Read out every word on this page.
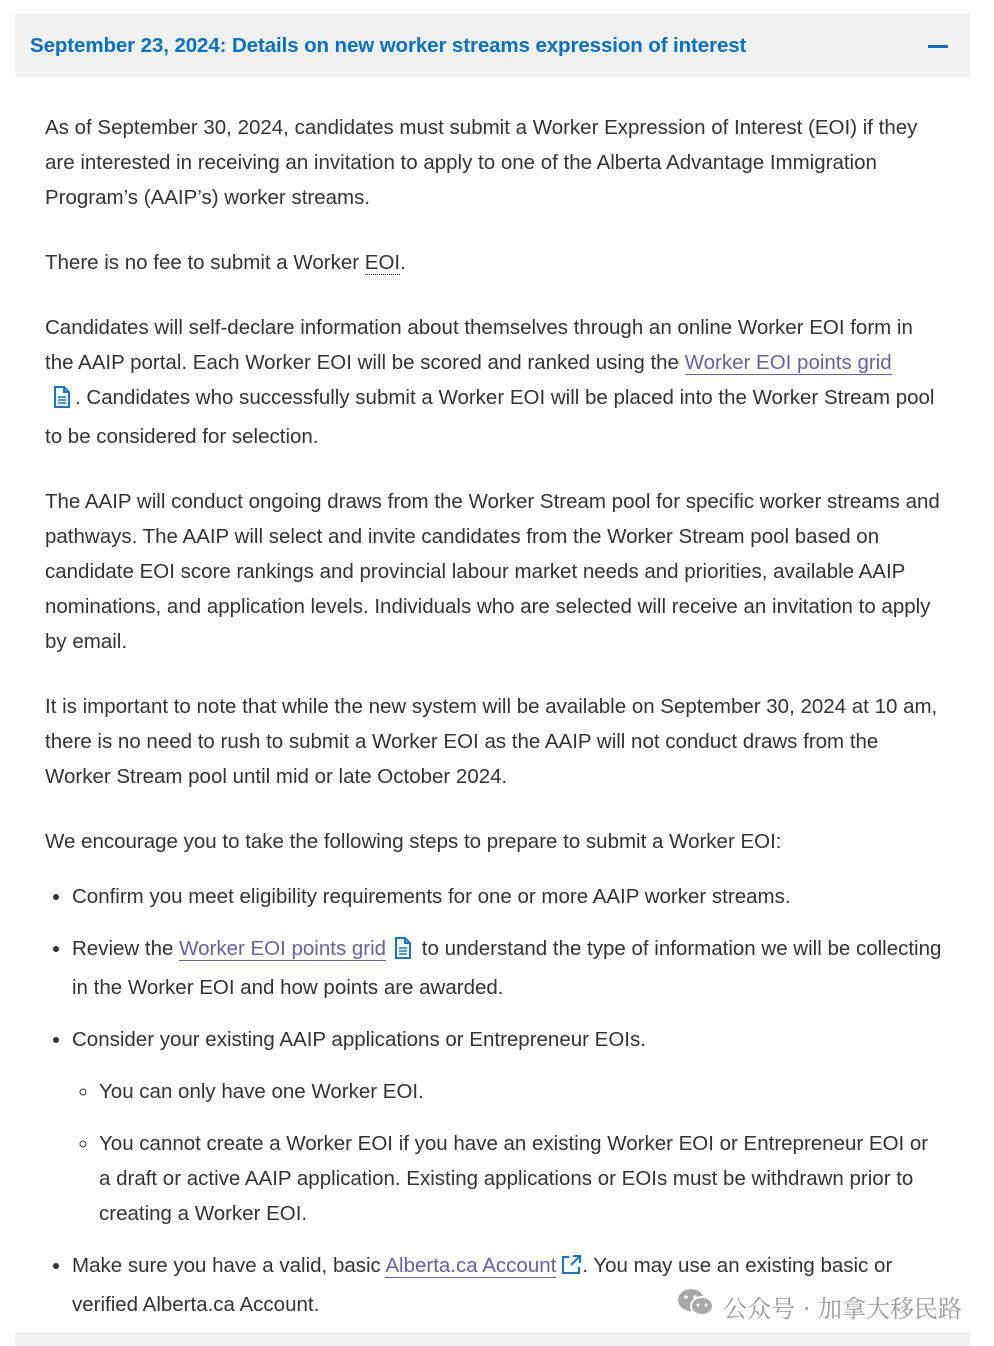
September 23, 2024: Details on new worker streams expression of interest

As of September 30, 2024, candidates must submit a Worker Expression of Interest (EOI) if they are interested in receiving an invitation to apply to one of the Alberta Advantage Immigration Program’s (AAIP’s) worker streams.

There is no fee to submit a Worker EOI.

Candidates will self-declare information about themselves through an online Worker EOI form in the AAIP portal. Each Worker EOI will be scored and ranked using the Worker EOI points grid
. Candidates who successfully submit a Worker EOI will be placed into the Worker Stream pool to be considered for selection.

The AAIP will conduct ongoing draws from the Worker Stream pool for specific worker streams and pathways. The AAIP will select and invite candidates from the Worker Stream pool based on candidate EOI score rankings and provincial labour market needs and priorities, available AAIP nominations, and application levels. Individuals who are selected will receive an invitation to apply by email.

It is important to note that while the new system will be available on September 30, 2024 at 10 am, there is no need to rush to submit a Worker EOI as the AAIP will not conduct draws from the Worker Stream pool until mid or late October 2024.

We encourage you to take the following steps to prepare to submit a Worker EOI:

• Confirm you meet eligibility requirements for one or more AAIP worker streams.
• Review the Worker EOI points grid to understand the type of information we will be collecting in the Worker EOI and how points are awarded.
• Consider your existing AAIP applications or Entrepreneur EOIs.
◦ You can only have one Worker EOI.
◦ You cannot create a Worker EOI if you have an existing Worker EOI or Entrepreneur EOI or a draft or active AAIP application. Existing applications or EOIs must be withdrawn prior to creating a Worker EOI.
• Make sure you have a valid, basic Alberta.ca Account . You may use an existing basic or verified Alberta.ca Account.	公众号 · 加拿大移民路
